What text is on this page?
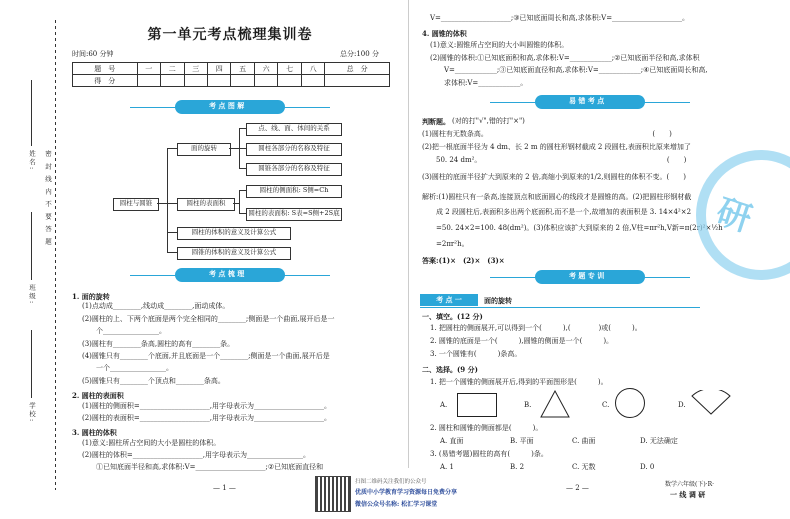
学校:
班级:
姓名: 密 封 线 内 不 要 答 题
第一单元考点梳理集训卷
时间:60 分钟	总分:100 分
题　号	一	二	三	四	五	六	七	八	总　分
得　分									
考 点 图 解
圆柱与圆锥
面的旋转
点、线、面、体间的关系
圆柱各部分的名称及特征
圆锥各部分的名称及特征
圆柱的表面积
圆柱的侧面积: S侧=Ch
圆柱的表面积: S表=S侧+2S底
圆柱的体积的意义及计算公式
圆锥的体积的意义及计算公式
考 点 梳 理
1. 面的旋转
(1)点动成________,线动成________,面动成体。
(2)圆柱的上、下两个底面是两个完全相同的________;侧面是一个曲面,展开后是一
　　个________________。
(3)圆柱有________条高,圆柱的高有________条。
(4)圆锥只有________个底面,并且底面是一个________;侧面是一个曲面,展开后是
　　一个________________。
(5)圆锥只有________个顶点和________条高。
2. 圆柱的表面积
(1)圆柱的侧面积=____________________,用字母表示为____________________。
(2)圆柱的表面积=____________________,用字母表示为____________________。
3. 圆柱的体积
(1)意义:圆柱所占空间的大小是圆柱的体积。
(2)圆柱的体积=____________________,用字母表示为________________。
　　①已知底面半径和高,求体积:V=____________________;②已知底面直径和
— 1 —
扫图二维码关注我们的公众号
优质中小学教育学习资源每日免费分享
微信公众号名称: 松汇学习课堂
V=____________________;③已知底面周长和高,求体积:V=____________________。
4. 圆锥的体积
(1)意义:圆锥所占空间的大小叫圆锥的体积。
(2)圆锥的体积:①已知底面积和高,求体积:V=____________;②已知底面半径和高,求体积
　　V=____________;③已知底面直径和高,求体积:V=____________;④已知底面周长和高,
　　求体积:V=____________。
易 错 考 点
判断题。 (对的打"√",错的打"×")
(1)圆柱有无数条高。　　　　　　　　　　　　　　　　　　　　　　　　(　　)
(2)把一根底面半径为 4 dm、长 2 m 的圆柱形钢材截成 2 段圆柱,表面积比原来增加了
　　50. 24 dm²。　　　　　　　　　　　　　　　　　　　　　　　　　　　(　　)
(3)圆柱的底面半径扩大到原来的 2 倍,高缩小到原来的1/2,则圆柱的体积不变。(　　)
解析:(1)圆柱只有一条高,连接顶点和底面圆心的线段才是圆锥的高。(2)把圆柱形钢材截
　　成 2 段圆柱后,表面积多出两个底面积,而不是一个,故增加的表面积是 3. 14×4²×2
　　=50. 24×2=100. 48(dm²)。(3)体积应该扩大到原来的 2 倍,V柱=πr²h,V新=π(2r)²×½h
　　=2πr²h。
答案:(1)×　(2)×　(3)×
考 题 专 训
考 点 一	面的旋转
一、填空。(12 分)
1. 把圆柱的侧面展开,可以得到一个(　　　),(　　　　)或(　　　)。
2. 圆锥的底面是一个(　　　),圆锥的侧面是一个(　　　)。
3. 一个圆锥有(　　　)条高。
二、选择。(9 分)
1. 把一个圆锥的侧面展开后,得到的平面图形是(　　　)。
A.	B.	C.	D.
2. 圆柱和圆锥的侧面都是(　　　)。
A. 直面	B. 平面	C. 曲面	D. 无法确定
3. (易错考题)圆柱的高有(　　　)条。
A. 1	B. 2	C. 无数	D. 0
— 2 —	数学六年级(下)·R·
一 线 调 研
研
